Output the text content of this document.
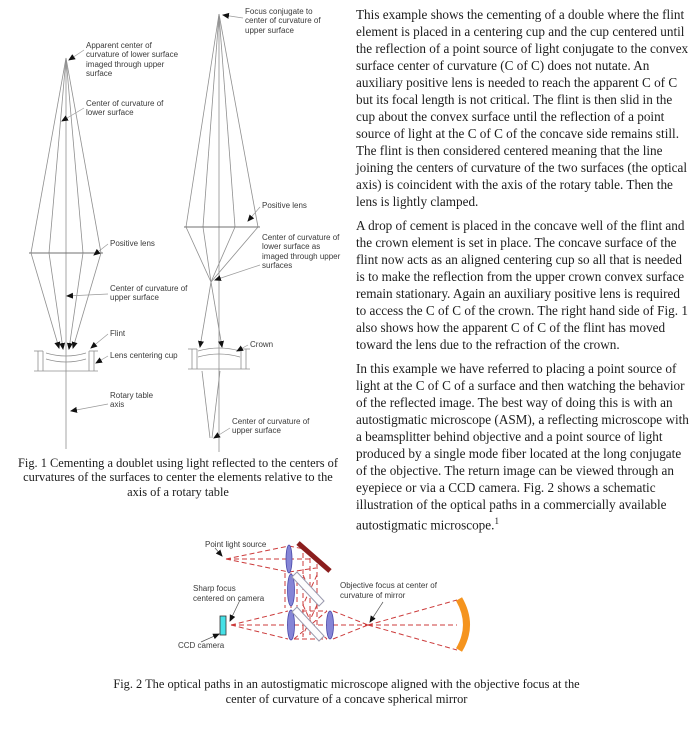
Apparent center of curvature of lower surface imaged through upper surface
Center of curvature of lower surface
Positive lens
Center of curvature of upper surface
Flint
Lens centering cup
Rotary table axis
Focus conjugate to center of curvature of upper surface
Positive lens
Center of curvature of lower surface as imaged through upper surfaces
Crown
Center of curvature of upper surface
Fig. 1 Cementing a doublet using light reflected to the centers of curvatures of the surfaces to center the elements relative to the axis of a rotary table

This example shows the cementing of a double where the flint element is placed in a centering cup and the cup centered until the reflection of a point source of light conjugate to the convex surface center of curvature (C of C) does not nutate. An auxiliary positive lens is needed to reach the apparent C of C but its focal length is not critical. The flint is then slid in the cup about the convex surface until the reflection of a point source of light at the C of C of the concave side remains still. The flint is then considered centered meaning that the line joining the centers of curvature of the two surfaces (the optical axis) is coincident with the axis of the rotary table. Then the lens is lightly clamped.

A drop of cement is placed in the concave well of the flint and the crown element is set in place. The concave surface of the flint now acts as an aligned centering cup so all that is needed is to make the reflection from the upper crown convex surface remain stationary. Again an auxiliary positive lens is required to access the C of C of the crown. The right hand side of Fig. 1 also shows how the apparent C of C of the flint has moved toward the lens due to the refraction of the crown.

In this example we have referred to placing a point source of light at the C of C of a surface and then watching the behavior of the reflected image. The best way of doing this is with an autostigmatic microscope (ASM), a reflecting microscope with a beamsplitter behind objective and a point source of light produced by a single mode fiber located at the long conjugate of the objective. The return image can be viewed through an eyepiece or via a CCD camera. Fig. 2 shows a schematic illustration of the optical paths in a commercially available autostigmatic microscope.$^1$

Point light source
Sharp focus centered on camera
CCD camera
Objective focus at center of curvature of mirror
Fig. 2 The optical paths in an autostigmatic microscope aligned with the objective focus at the center of curvature of a concave spherical mirror
